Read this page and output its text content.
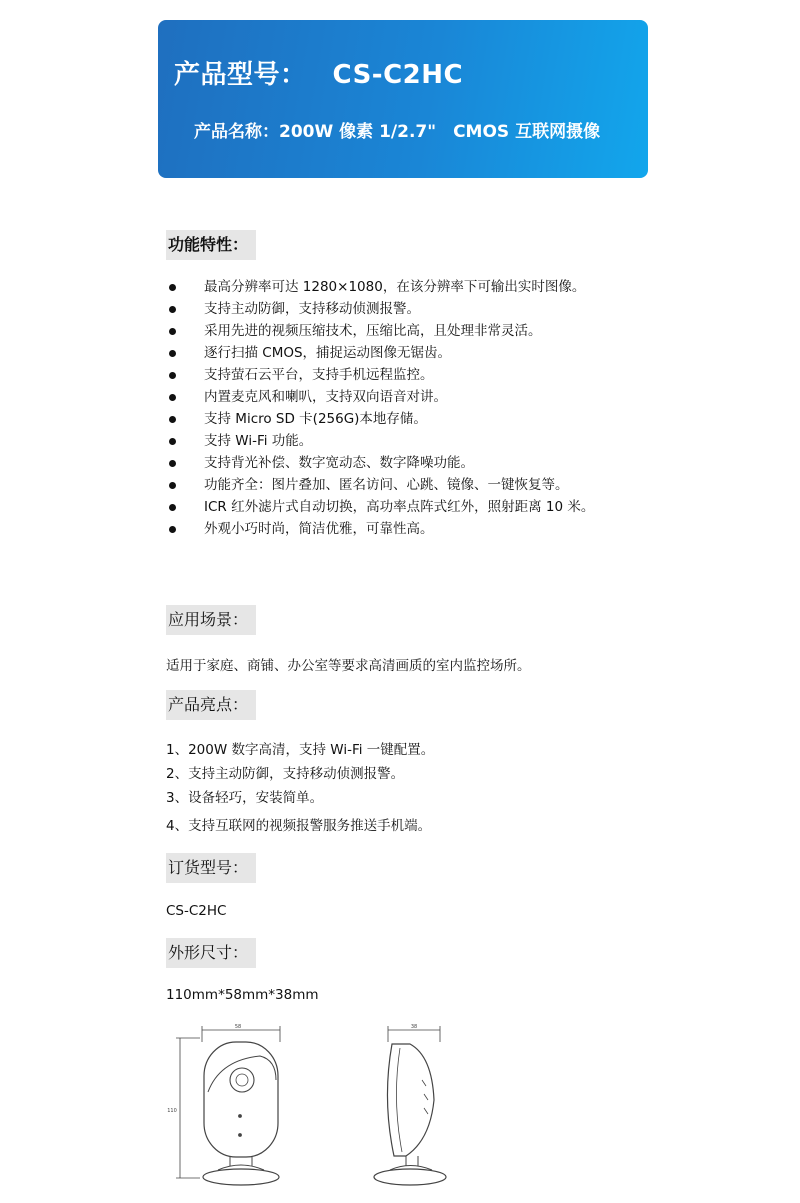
产品型号： CS-C2HC
产品名称：200W 像素 1/2.7"　CMOS 互联网摄像
功能特性：
最高分辨率可达 1280×1080，在该分辨率下可输出实时图像。
支持主动防御，支持移动侦测报警。
采用先进的视频压缩技术，压缩比高，且处理非常灵活。
逐行扫描 CMOS，捕捉运动图像无锯齿。
支持萤石云平台，支持手机远程监控。
内置麦克风和喇叭，支持双向语音对讲。
支持 Micro SD 卡(256G)本地存储。
支持 Wi-Fi 功能。
支持背光补偿、数字宽动态、数字降噪功能。
功能齐全：图片叠加、匿名访问、心跳、镜像、一键恢复等。
ICR 红外滤片式自动切换，高功率点阵式红外，照射距离 10 米。
外观小巧时尚，简洁优雅，可靠性高。
应用场景：
适用于家庭、商铺、办公室等要求高清画质的室内监控场所。
产品亮点：
1、200W 数字高清，支持 Wi-Fi 一键配置。
2、支持主动防御，支持移动侦测报警。
3、设备轻巧，安装简单。
4、支持互联网的视频报警服务推送手机端。
订货型号：
CS-C2HC
外形尺寸：
110mm*58mm*38mm
58
110
38
